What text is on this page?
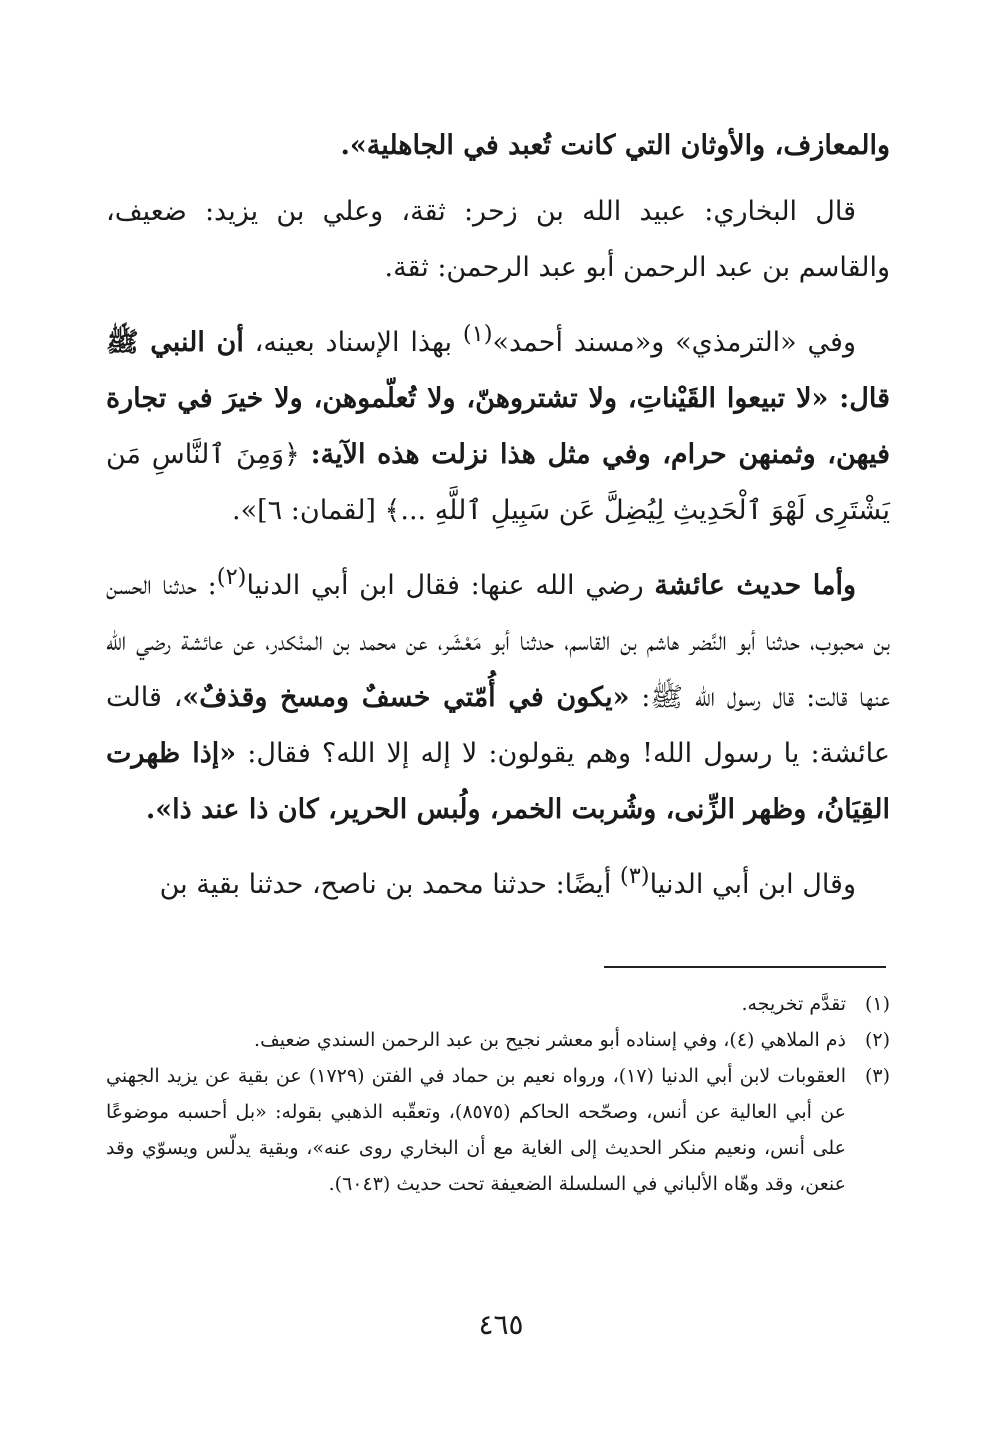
والمعازف، والأوثان التي كانت تُعبد في الجاهلية».

قال البخاري: عبيد الله بن زحر: ثقة، وعلي بن يزيد: ضعيف، والقاسم بن عبد الرحمن أبو عبد الرحمن: ثقة.

وفي «الترمذي» و«مسند أحمد»$^{(١)}$ بهذا الإسناد بعينه، أن النبي ﷺ قال: «لا تبيعوا القَيْناتِ، ولا تشتروهنّ، ولا تُعلّموهن، ولا خيرَ في تجارة فيهن، وثمنهن حرام، وفي مثل هذا نزلت هذه الآية: ﴿وَمِنَ ٱلنَّاسِ مَن يَشْتَرِى لَهْوَ ٱلْحَدِيثِ لِيُضِلَّ عَن سَبِيلِ ٱللَّهِ ...﴾ [لقمان: ٦]».

وأما حديث عائشة رضي الله عنها: فقال ابن أبي الدنيا$^{(٢)}$: حدثنا الحسن بن محبوب، حدثنا أبو النَّضر هاشم بن القاسم، حدثنا أبو مَعْشَر، عن محمد بن المنْكدر، عن عائشة رضي الله عنها قالت: قال رسول الله ﷺ: «يكون في أُمّتي خسفٌ ومسخ وقذفٌ»، قالت عائشة: يا رسول الله! وهم يقولون: لا إله إلا الله؟ فقال: «إذا ظهرت القِيَانُ، وظهر الزِّنى، وشُربت الخمر، ولُبس الحرير، كان ذا عند ذا».

وقال ابن أبي الدنيا$^{(٣)}$ أيضًا: حدثنا محمد بن ناصح، حدثنا بقية بن

(١)
تقدَّم تخريجه.
(٢)
ذم الملاهي (٤)، وفي إسناده أبو معشر نجيح بن عبد الرحمن السندي ضعيف.
(٣)
العقوبات لابن أبي الدنيا (١٧)، ورواه نعيم بن حماد في الفتن (١٧٢٩) عن بقية عن يزيد الجهني عن أبي العالية عن أنس، وصحّحه الحاكم (٨٥٧٥)، وتعقّبه الذهبي بقوله: «بل أحسبه موضوعًا على أنس، ونعيم منكر الحديث إلى الغاية مع أن البخاري روى عنه»، وبقية يدلّس ويسوّي وقد عنعن، وقد وهّاه الألباني في السلسلة الضعيفة تحت حديث (٦٠٤٣).
٤٦٥
